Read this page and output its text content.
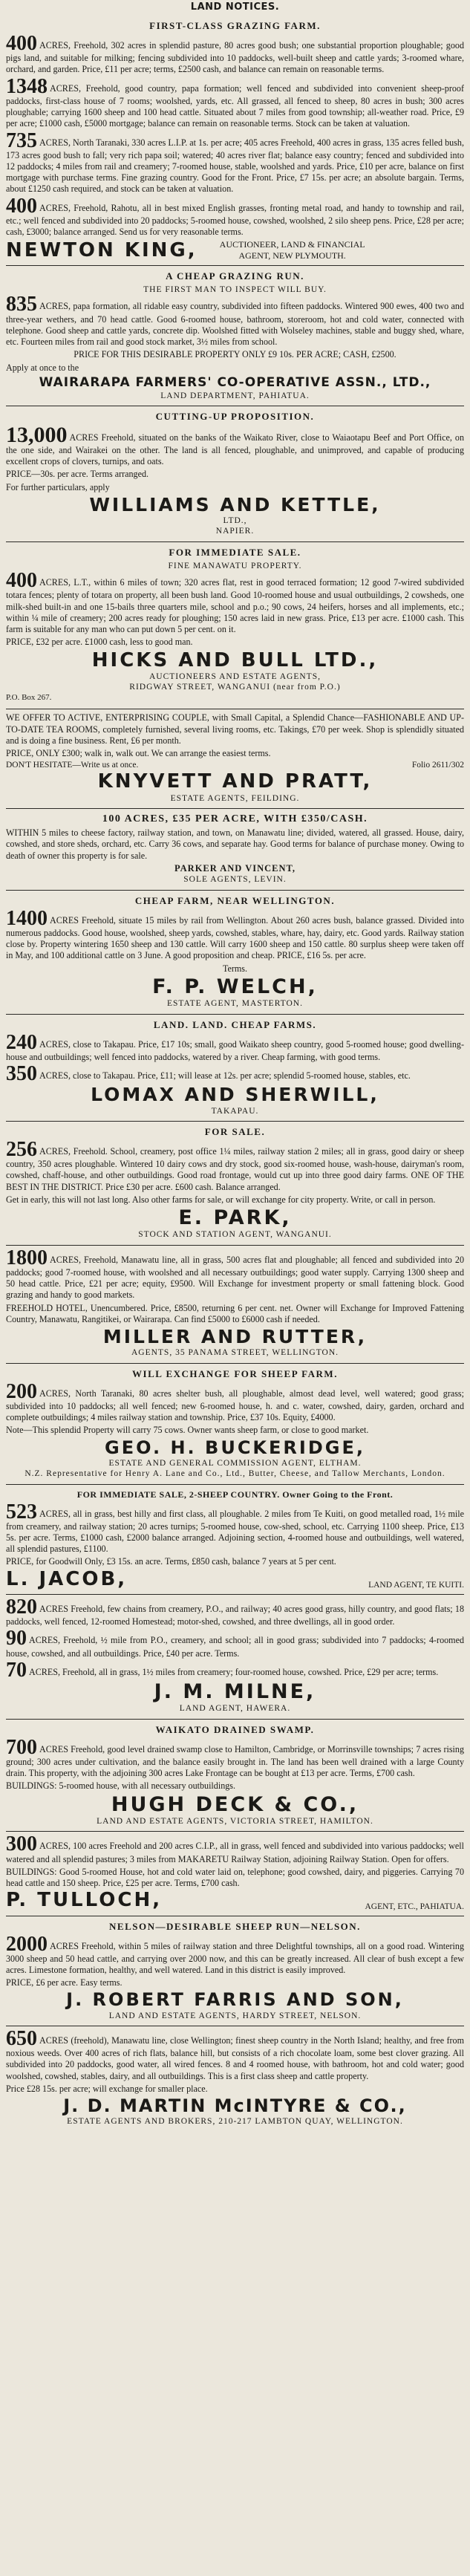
LAND NOTICES.
FIRST-CLASS GRAZING FARM.

400 ACRES, Freehold, 302 acres in splendid pasture, 80 acres good bush; one substantial proportion ploughable; good pigs land, and suitable for milking; fencing subdivided into 10 paddocks, well-built sheep and cattle yards; 3-roomed whare, orchard, and garden. Price, £11 per acre; terms, £2500 cash, and balance can remain on reasonable terms.

1348 ACRES, Freehold, good country, papa formation; well fenced and subdivided into convenient sheep-proof paddocks, first-class house of 7 rooms; woolshed, yards, etc. All grassed, all fenced to sheep, 80 acres in bush; 300 acres ploughable; carrying 1600 sheep and 100 head cattle. Situated about 7 miles from good township; all-weather road. Price, £9 per acre; £1000 cash, £5000 mortgage; balance can remain on reasonable terms. Stock can be taken at valuation.

735 ACRES, North Taranaki, 330 acres L.I.P. at 1s. per acre; 405 acres Freehold, 400 acres in grass, 135 acres felled bush, 173 acres good bush to fall; very rich papa soil; watered; 40 acres river flat; balance easy country; fenced and subdivided into 12 paddocks; 4 miles from rail and creamery; 7-roomed house, stable, woolshed and yards. Price, £10 per acre, balance on first mortgage with purchase terms. Fine grazing country. Good for the Front. Price, £7 15s. per acre; an absolute bargain. Terms, about £1250 cash required, and stock can be taken at valuation.

400 ACRES, Freehold, Rahotu, all in best mixed English grasses, fronting metal road, and handy to township and rail, etc.; well fenced and subdivided into 20 paddocks; 5-roomed house, cowshed, woolshed, 2 silo sheep pens. Price, £28 per acre; cash, £3000; balance arranged. Send us for very reasonable terms.

NEWTON KING,	AUCTIONEER, LAND & FINANCIAL
AGENT, NEW PLYMOUTH.
A CHEAP GRAZING RUN.
THE FIRST MAN TO INSPECT WILL BUY.

835 ACRES, papa formation, all ridable easy country, subdivided into fifteen paddocks. Wintered 900 ewes, 400 two and three-year wethers, and 70 head cattle. Good 6-roomed house, bathroom, storeroom, hot and cold water, connected with telephone. Good sheep and cattle yards, concrete dip. Woolshed fitted with Wolseley machines, stable and buggy shed, whare, etc. Fourteen miles from rail and good stock market, 3½ miles from school.

PRICE FOR THIS DESIRABLE PROPERTY ONLY £9 10s. PER ACRE; CASH, £2500.

Apply at once to the

WAIRARAPA FARMERS' CO-OPERATIVE ASSN., LTD.,
LAND DEPARTMENT, PAHIATUA.
CUTTING-UP PROPOSITION.

13,000 ACRES Freehold, situated on the banks of the Waikato River, close to Waiaotapu Beef and Port Office, on the one side, and Wairakei on the other. The land is all fenced, ploughable, and unimproved, and capable of producing excellent crops of clovers, turnips, and oats.

PRICE—30s. per acre. Terms arranged.

For further particulars, apply

WILLIAMS AND KETTLE,
LTD.,
NAPIER.
FOR IMMEDIATE SALE.
FINE MANAWATU PROPERTY.

400 ACRES, L.T., within 6 miles of town; 320 acres flat, rest in good terraced formation; 12 good 7-wired subdivided totara fences; plenty of totara on property, all been bush land. Good 10-roomed house and usual outbuildings, 2 cowsheds, one milk-shed built-in and one 15-bails three quarters mile, school and p.o.; 90 cows, 24 heifers, horses and all implements, etc.; within ¼ mile of creamery; 200 acres ready for ploughing; 150 acres laid in new grass. Price, £13 per acre. £1000 cash. This farm is suitable for any man who can put down 5 per cent. on it.

PRICE, £32 per acre. £1000 cash, less to good man.

HICKS AND BULL LTD.,
AUCTIONEERS AND ESTATE AGENTS,
RIDGWAY STREET, WANGANUI (near from P.O.)
P.O. Box 267.

WE OFFER TO ACTIVE, ENTERPRISING COUPLE, with Small Capital, a Splendid Chance—FASHIONABLE AND UP-TO-DATE TEA ROOMS, completely furnished, several living rooms, etc. Takings, £70 per week. Shop is splendidly situated and is doing a fine business. Rent, £6 per month.

PRICE, ONLY £300; walk in, walk out. We can arrange the easiest terms.

DON'T HESITATE—Write us at once.	Folio 2611/302
KNYVETT AND PRATT,
ESTATE AGENTS, FEILDING.
100 ACRES, £35 PER ACRE, WITH £350/CASH.

WITHIN 5 miles to cheese factory, railway station, and town, on Manawatu line; divided, watered, all grassed. House, dairy, cowshed, and store sheds, orchard, etc. Carry 36 cows, and separate hay. Good terms for balance of purchase money. Owing to death of owner this property is for sale.

PARKER AND VINCENT,
SOLE AGENTS, LEVIN.
CHEAP FARM, NEAR WELLINGTON.

1400 ACRES Freehold, situate 15 miles by rail from Wellington. About 260 acres bush, balance grassed. Divided into numerous paddocks. Good house, woolshed, sheep yards, cowshed, stables, whare, hay, dairy, etc. Good yards. Railway station close by. Property wintering 1650 sheep and 130 cattle. Will carry 1600 sheep and 150 cattle. 80 surplus sheep were taken off in May, and 100 additional cattle on 3 June. A good proposition and cheap. PRICE, £16 5s. per acre.

Terms.

F. P. WELCH,
ESTATE AGENT, MASTERTON.
LAND. LAND. CHEAP FARMS.

240 ACRES, close to Takapau. Price, £17 10s; small, good Waikato sheep country, good 5-roomed house; good dwelling-house and outbuildings; well fenced into paddocks, watered by a river. Cheap farming, with good terms.

350 ACRES, close to Takapau. Price, £11; will lease at 12s. per acre; splendid 5-roomed house, stables, etc.

LOMAX AND SHERWILL,
TAKAPAU.
FOR SALE.

256 ACRES, Freehold. School, creamery, post office 1¼ miles, railway station 2 miles; all in grass, good dairy or sheep country, 350 acres ploughable. Wintered 10 dairy cows and dry stock, good six-roomed house, wash-house, dairyman's room, cowshed, chaff-house, and other outbuildings. Good road frontage, would cut up into three good dairy farms. ONE OF THE BEST IN THE DISTRICT. Price £30 per acre. £600 cash. Balance arranged.

Get in early, this will not last long. Also other farms for sale, or will exchange for city property. Write, or call in person.

E. PARK,
STOCK AND STATION AGENT, WANGANUI.

1800 ACRES, Freehold, Manawatu line, all in grass, 500 acres flat and ploughable; all fenced and subdivided into 20 paddocks; good 7-roomed house, with woolshed and all necessary outbuildings; good water supply. Carrying 1300 sheep and 50 head cattle. Price, £21 per acre; equity, £9500. Will Exchange for investment property or small fattening block. Good grazing and handy to good markets.

FREEHOLD HOTEL, Unencumbered. Price, £8500, returning 6 per cent. net. Owner will Exchange for Improved Fattening Country, Manawatu, Rangitikei, or Wairarapa. Can find £5000 to £6000 cash if needed.

MILLER AND RUTTER,
AGENTS, 35 PANAMA STREET, WELLINGTON.
WILL EXCHANGE FOR SHEEP FARM.

200 ACRES, North Taranaki, 80 acres shelter bush, all ploughable, almost dead level, well watered; good grass; subdivided into 10 paddocks; all well fenced; new 6-roomed house, h. and c. water, cowshed, dairy, garden, orchard and complete outbuildings; 4 miles railway station and township. Price, £37 10s. Equity, £4000.

Note—This splendid Property will carry 75 cows. Owner wants sheep farm, or close to good market.

GEO. H. BUCKERIDGE,
ESTATE AND GENERAL COMMISSION AGENT, ELTHAM.
N.Z. Representative for Henry A. Lane and Co., Ltd., Butter, Cheese, and Tallow Merchants, London.
FOR IMMEDIATE SALE, 2-SHEEP COUNTRY. Owner Going to the Front.

523 ACRES, all in grass, best hilly and first class, all ploughable. 2 miles from Te Kuiti, on good metalled road, 1½ mile from creamery, and railway station; 20 acres turnips; 5-roomed house, cow-shed, school, etc. Carrying 1100 sheep. Price, £13 5s. per acre. Terms, £1000 cash, £2000 balance arranged. Adjoining section, 4-roomed house and outbuildings, well watered, all splendid pastures, £1100.

PRICE, for Goodwill Only, £3 15s. an acre. Terms, £850 cash, balance 7 years at 5 per cent.

L. JACOB,	LAND AGENT, TE KUITI.

820 ACRES Freehold, few chains from creamery, P.O., and railway; 40 acres good grass, hilly country, and good flats; 18 paddocks, well fenced, 12-roomed Homestead; motor-shed, cowshed, and three dwellings, all in good order.

90 ACRES, Freehold, ½ mile from P.O., creamery, and school; all in good grass; subdivided into 7 paddocks; 4-roomed house, cowshed, and all outbuildings. Price, £40 per acre. Terms.

70 ACRES, Freehold, all in grass, 1½ miles from creamery; four-roomed house, cowshed. Price, £29 per acre; terms.

J. M. MILNE,
LAND AGENT, HAWERA.
WAIKATO DRAINED SWAMP.

700 ACRES Freehold, good level drained swamp close to Hamilton, Cambridge, or Morrinsville townships; 7 acres rising ground; 300 acres under cultivation, and the balance easily brought in. The land has been well drained with a large County drain. This property, with the adjoining 300 acres Lake Frontage can be bought at £13 per acre. Terms, £700 cash.

BUILDINGS: 5-roomed house, with all necessary outbuildings.

HUGH DECK & CO.,
LAND AND ESTATE AGENTS, VICTORIA STREET, HAMILTON.

300 ACRES, 100 acres Freehold and 200 acres C.I.P., all in grass, well fenced and subdivided into various paddocks; well watered and all splendid pastures; 3 miles from MAKARETU Railway Station, adjoining Railway Station. Open for offers.

BUILDINGS: Good 5-roomed House, hot and cold water laid on, telephone; good cowshed, dairy, and piggeries. Carrying 70 head cattle and 150 sheep. Price, £25 per acre. Terms, £700 cash.

P. TULLOCH,	AGENT, ETC., PAHIATUA.
NELSON—DESIRABLE SHEEP RUN—NELSON.

2000 ACRES Freehold, within 5 miles of railway station and three Delightful townships, all on a good road. Wintering 3000 sheep and 50 head cattle, and carrying over 2000 now, and this can be greatly increased. All clear of bush except a few acres. Limestone formation, healthy, and well watered. Land in this district is easily improved.

PRICE, £6 per acre. Easy terms.

J. ROBERT FARRIS AND SON,
LAND AND ESTATE AGENTS, HARDY STREET, NELSON.

650 ACRES (freehold), Manawatu line, close Wellington; finest sheep country in the North Island; healthy, and free from noxious weeds. Over 400 acres of rich flats, balance hill, but consists of a rich chocolate loam, some best clover grazing. All subdivided into 20 paddocks, good water, all wired fences. 8 and 4 roomed house, with bathroom, hot and cold water; good woolshed, cowshed, stables, dairy, and all outbuildings. This is a first class sheep and cattle property.

Price £28 15s. per acre; will exchange for smaller place.

J. D. MARTIN McINTYRE & CO.,
ESTATE AGENTS AND BROKERS, 210-217 LAMBTON QUAY, WELLINGTON.
